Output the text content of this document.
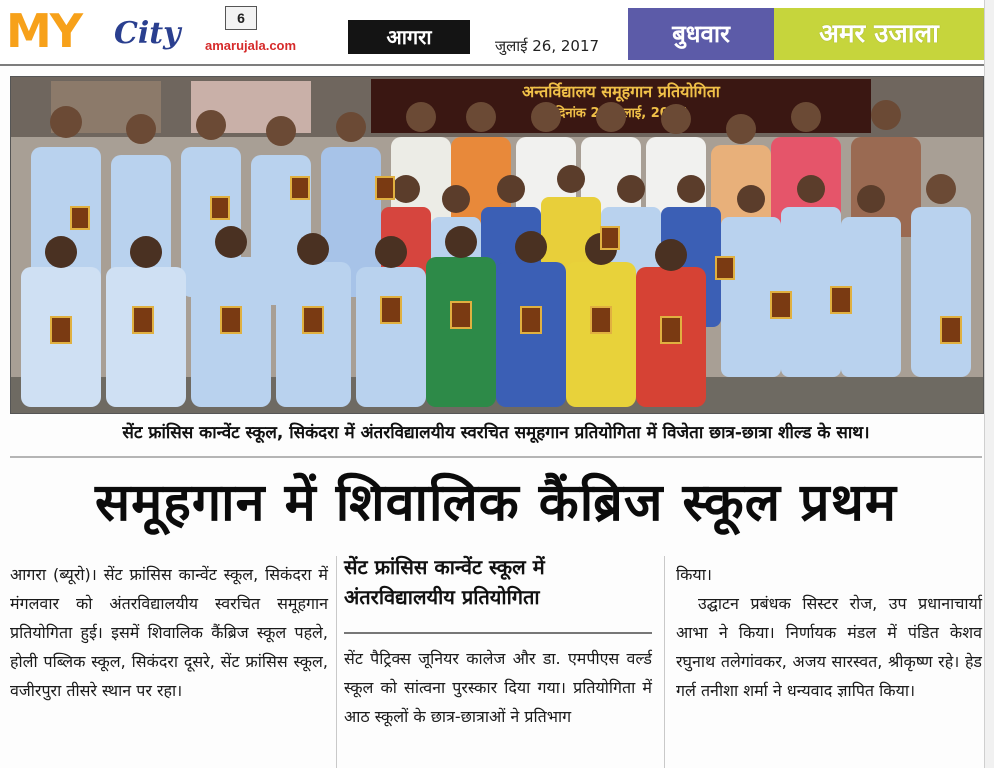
MY City amarujala.com
6
आगरा	जुलाई 26, 2017	बुधवार	अमर उजाला
अन्तर्विद्यालय समूहगान प्रतियोगिता
दिनांक जुलाई,
सेंट फ्रांसिस कान्वेंट स्कूल, सिकंदरा में अंतरविद्यालयीय स्वरचित समूहगान प्रतियोगिता में विजेता छात्र-छात्रा शील्ड के साथ।
समूहगान में शिवालिक कैंब्रिज स्कूल प्रथम

आगरा (ब्यूरो)। सेंट फ्रांसिस कान्वेंट स्कूल, सिकंदरा में मंगलवार को अंतरविद्यालयीय स्वरचित समूहगान प्रतियोगिता हुई। इसमें शिवालिक कैंब्रिज स्कूल पहले, होली पब्लिक स्कूल, सिकंदरा दूसरे, सेंट फ्रांसिस स्कूल, वजीरपुरा तीसरे स्थान पर रहा।

सेंट फ्रांसिस कान्वेंट स्कूल में अंतरविद्यालयीय प्रतियोगिता
सेंट पैट्रिक्स जूनियर कालेज और डा. एमपीएस वर्ल्ड स्कूल को सांत्वना पुरस्कार दिया गया। प्रतियोगिता में आठ स्कूलों के छात्र-छात्राओं ने प्रतिभाग

किया।

उद्घाटन प्रबंधक सिस्टर रोज, उप प्रधानाचार्या आभा ने किया। निर्णायक मंडल में पंडित केशव रघुनाथ तलेगांवकर, अजय सारस्वत, श्रीकृष्ण रहे। हेड गर्ल तनीशा शर्मा ने धन्यवाद ज्ञापित किया।
